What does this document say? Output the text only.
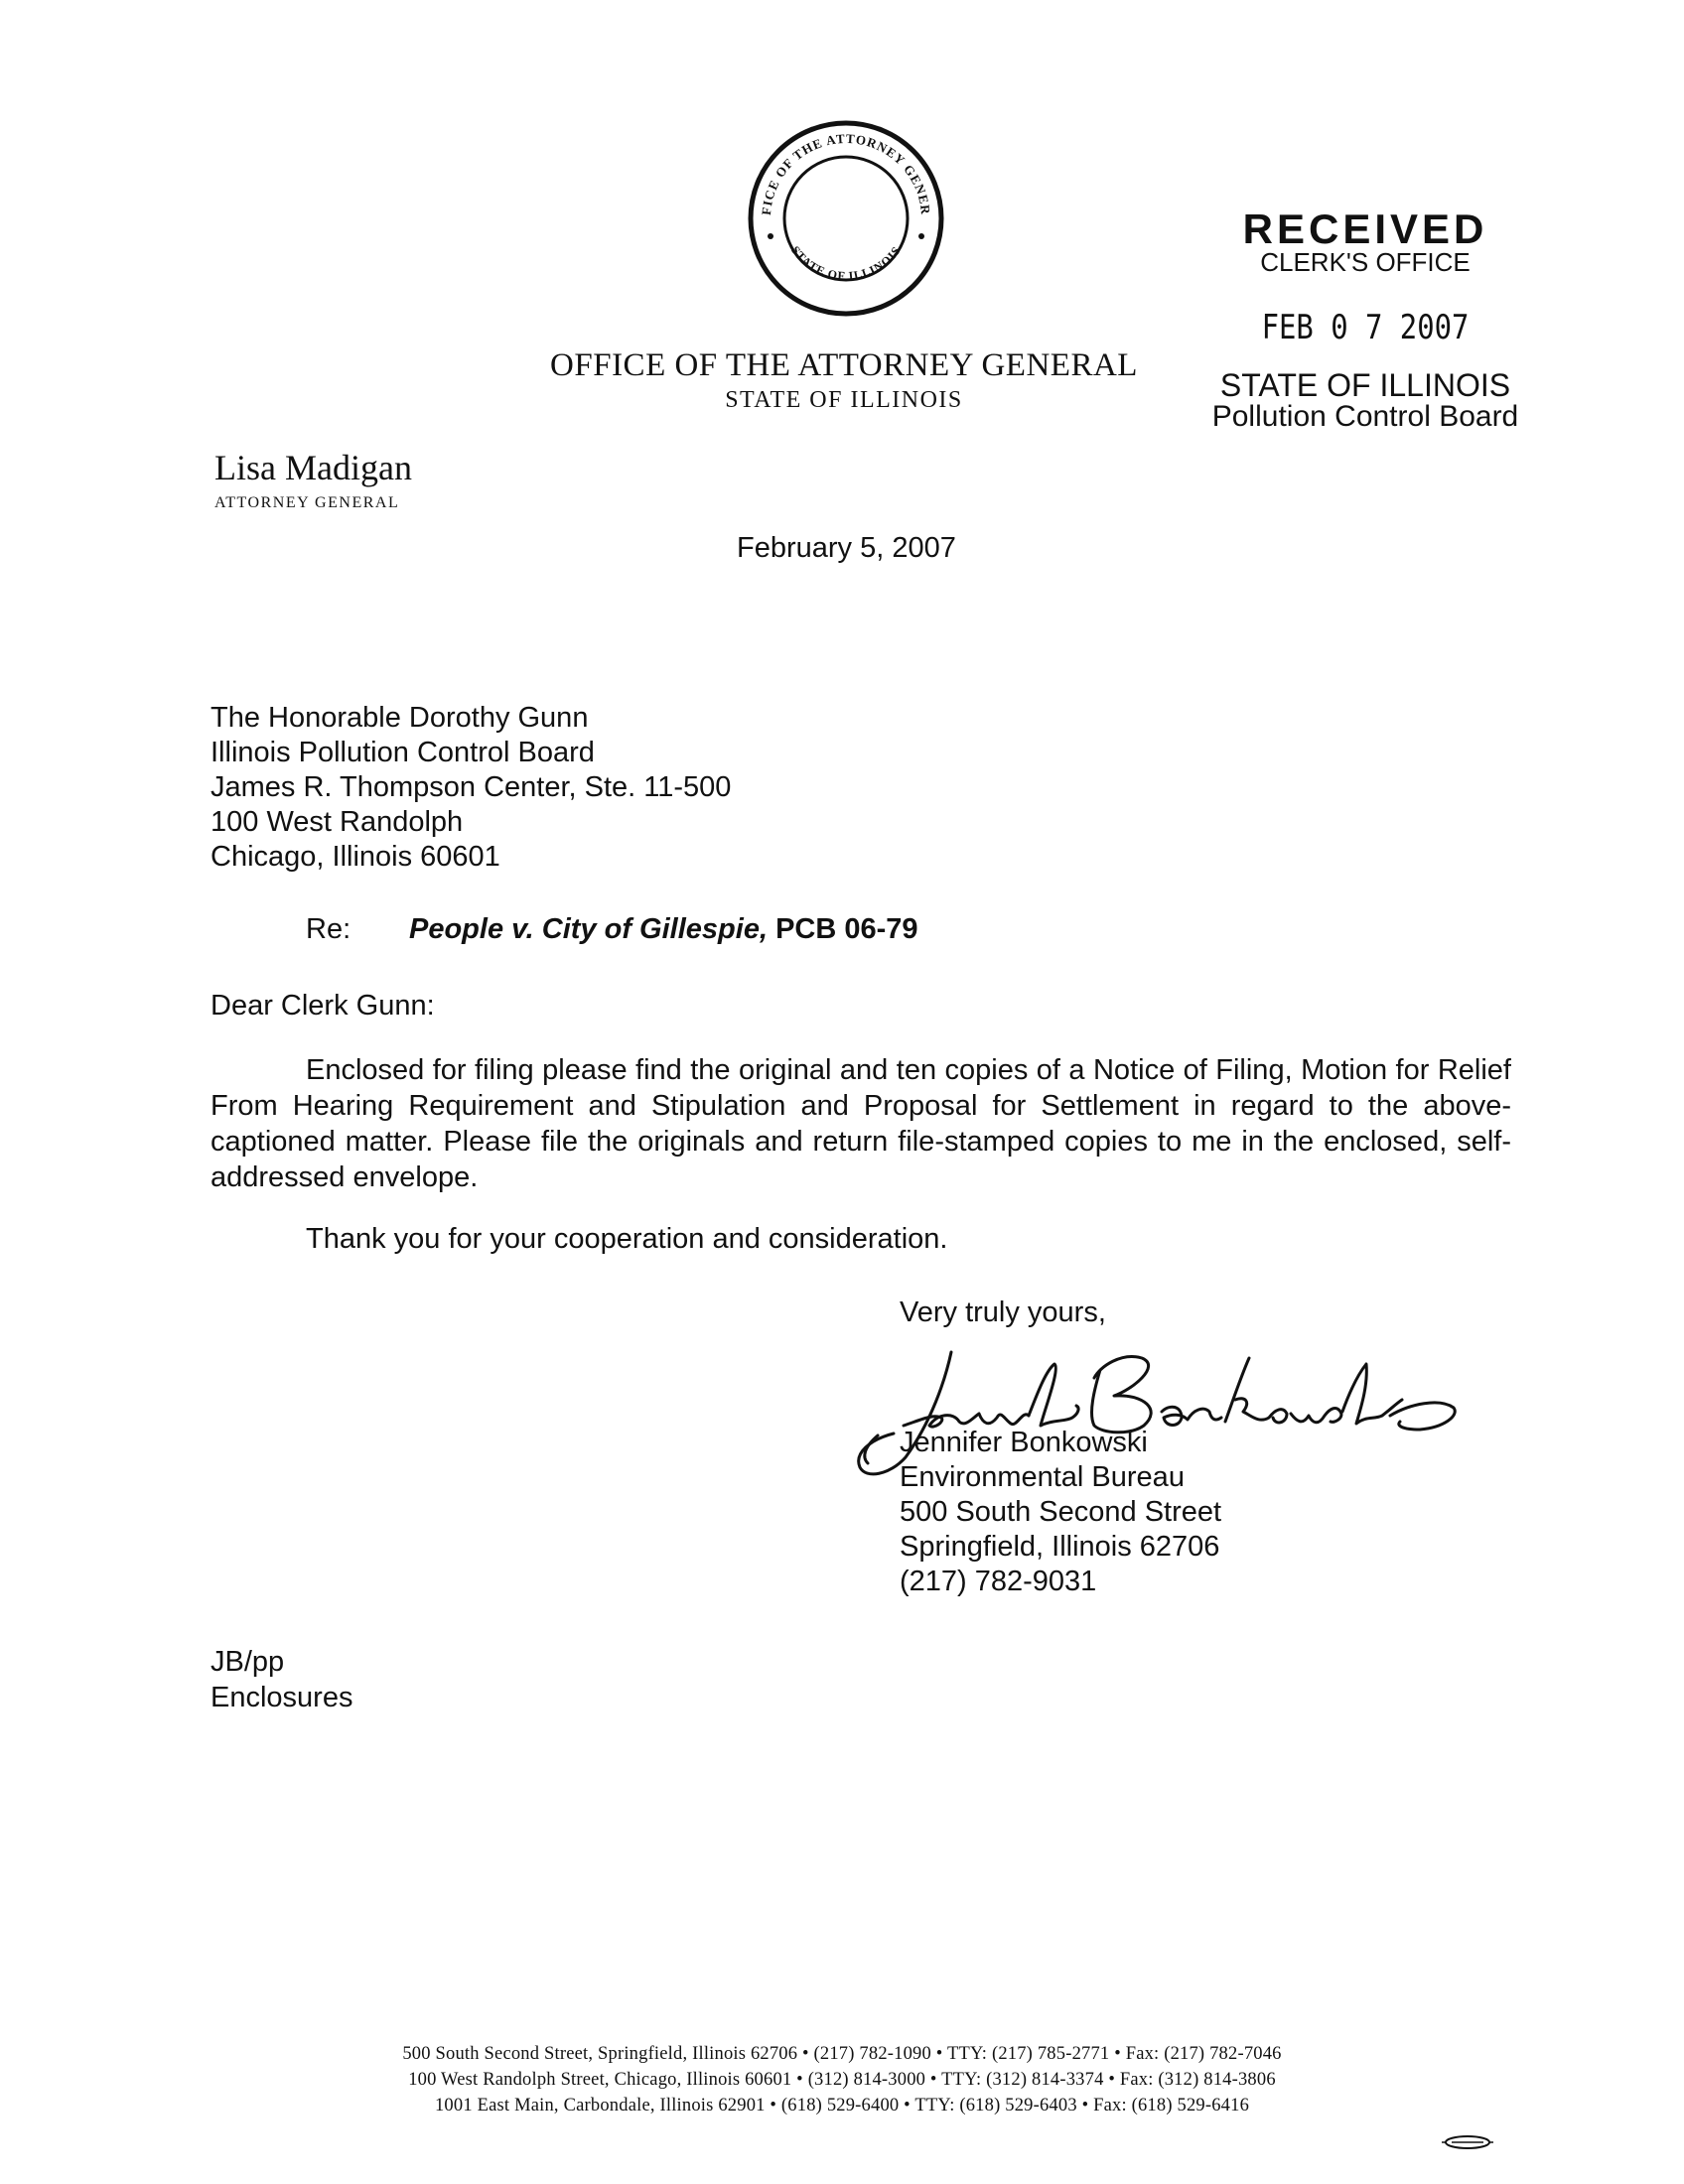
FICE OF THE ATTORNEY GENER
STATE OF ILLINOIS
OFFICE OF THE ATTORNEY GENERAL
STATE OF ILLINOIS
Lisa Madigan
ATTORNEY GENERAL
RECEIVED
CLERK'S OFFICE
FEB 0 7 2007
STATE OF ILLINOIS
Pollution Control Board
February 5, 2007
The Honorable Dorothy Gunn
Illinois Pollution Control Board
James R. Thompson Center, Ste. 11-500
100 West Randolph
Chicago, Illinois 60601
Re: People v. City of Gillespie, PCB 06-79
Dear Clerk Gunn:
Enclosed for filing please find the original and ten copies of a Notice of Filing, Motion for Relief From Hearing Requirement and Stipulation and Proposal for Settlement in regard to the above-captioned matter. Please file the originals and return file-stamped copies to me in the enclosed, self-addressed envelope.
Thank you for your cooperation and consideration.
Very truly yours,
Jennifer Bonkowski
Environmental Bureau
500 South Second Street
Springfield, Illinois 62706
(217) 782-9031
JB/pp
Enclosures
500 South Second Street, Springfield, Illinois 62706 • (217) 782-1090 • TTY: (217) 785-2771 • Fax: (217) 782-7046
100 West Randolph Street, Chicago, Illinois 60601 • (312) 814-3000 • TTY: (312) 814-3374 • Fax: (312) 814-3806
1001 East Main, Carbondale, Illinois 62901 • (618) 529-6400 • TTY: (618) 529-6403 • Fax: (618) 529-6416
